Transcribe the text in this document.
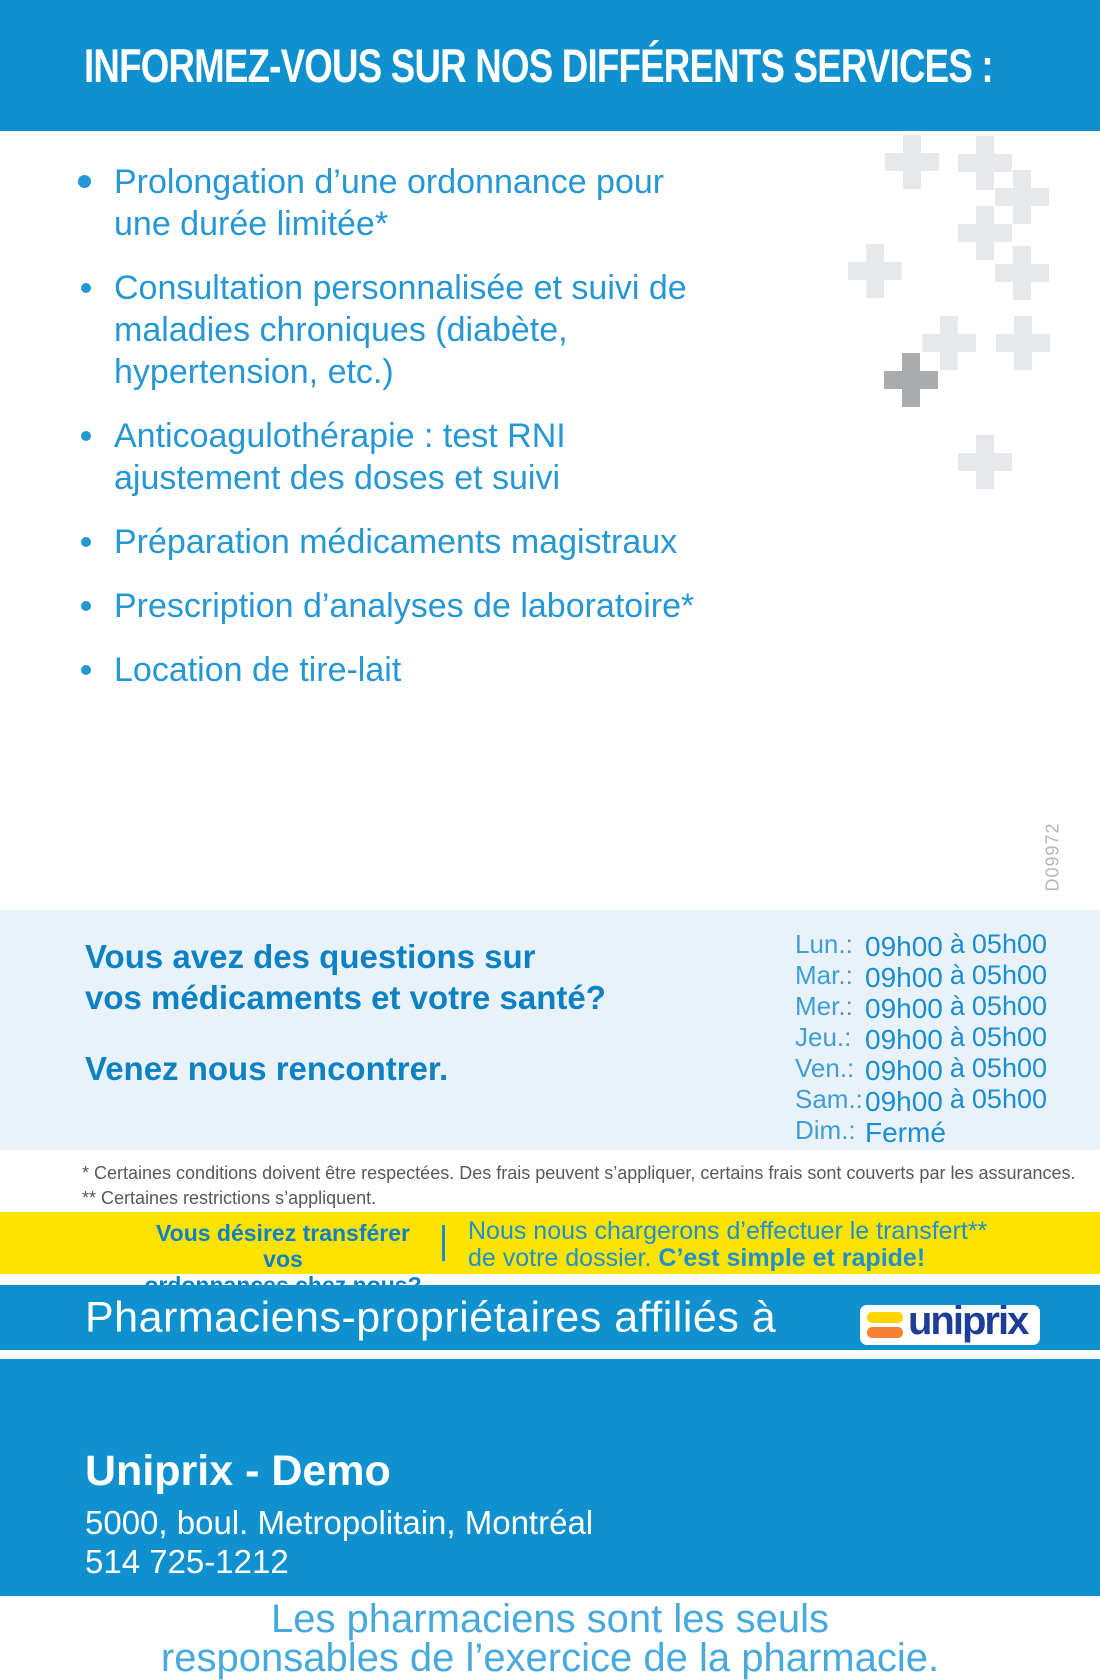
INFORMEZ-VOUS SUR NOS DIFFÉRENTS SERVICES :
Prolongation d’une ordonnance pour
une durée limitée*
Consultation personnalisée et suivi de
maladies chroniques (diabète,
hypertension, etc.)
Anticoagulothérapie : test RNI
ajustement des doses et suivi
Préparation médicaments magistraux
Prescription d’analyses de laboratoire*
Location de tire-lait
D09972
Vous avez des questions sur
vos médicaments et votre santé?
Venez nous rencontrer.
Lun.: 09h00 à 05h00
Mar.: 09h00 à 05h00
Mer.: 09h00 à 05h00
Jeu.: 09h00 à 05h00
Ven.: 09h00 à 05h00
Sam.:09h00 à 05h00
Dim.: Fermé
* Certaines conditions doivent être respectées. Des frais peuvent s’appliquer, certains frais sont couverts par les assurances.
** Certaines restrictions s’appliquent.
Vous désirez transférer vos
Nous nous chargerons d’effectuer le transfert**
de votre dossier. C’est simple et rapide!
Pharmaciens-propriétaires affiliés à	uniprix
Uniprix - Demo
5000, boul. Metropolitain, Montréal
514 725-1212
Les pharmaciens sont les seuls
responsables de l’exercice de la pharmacie.
